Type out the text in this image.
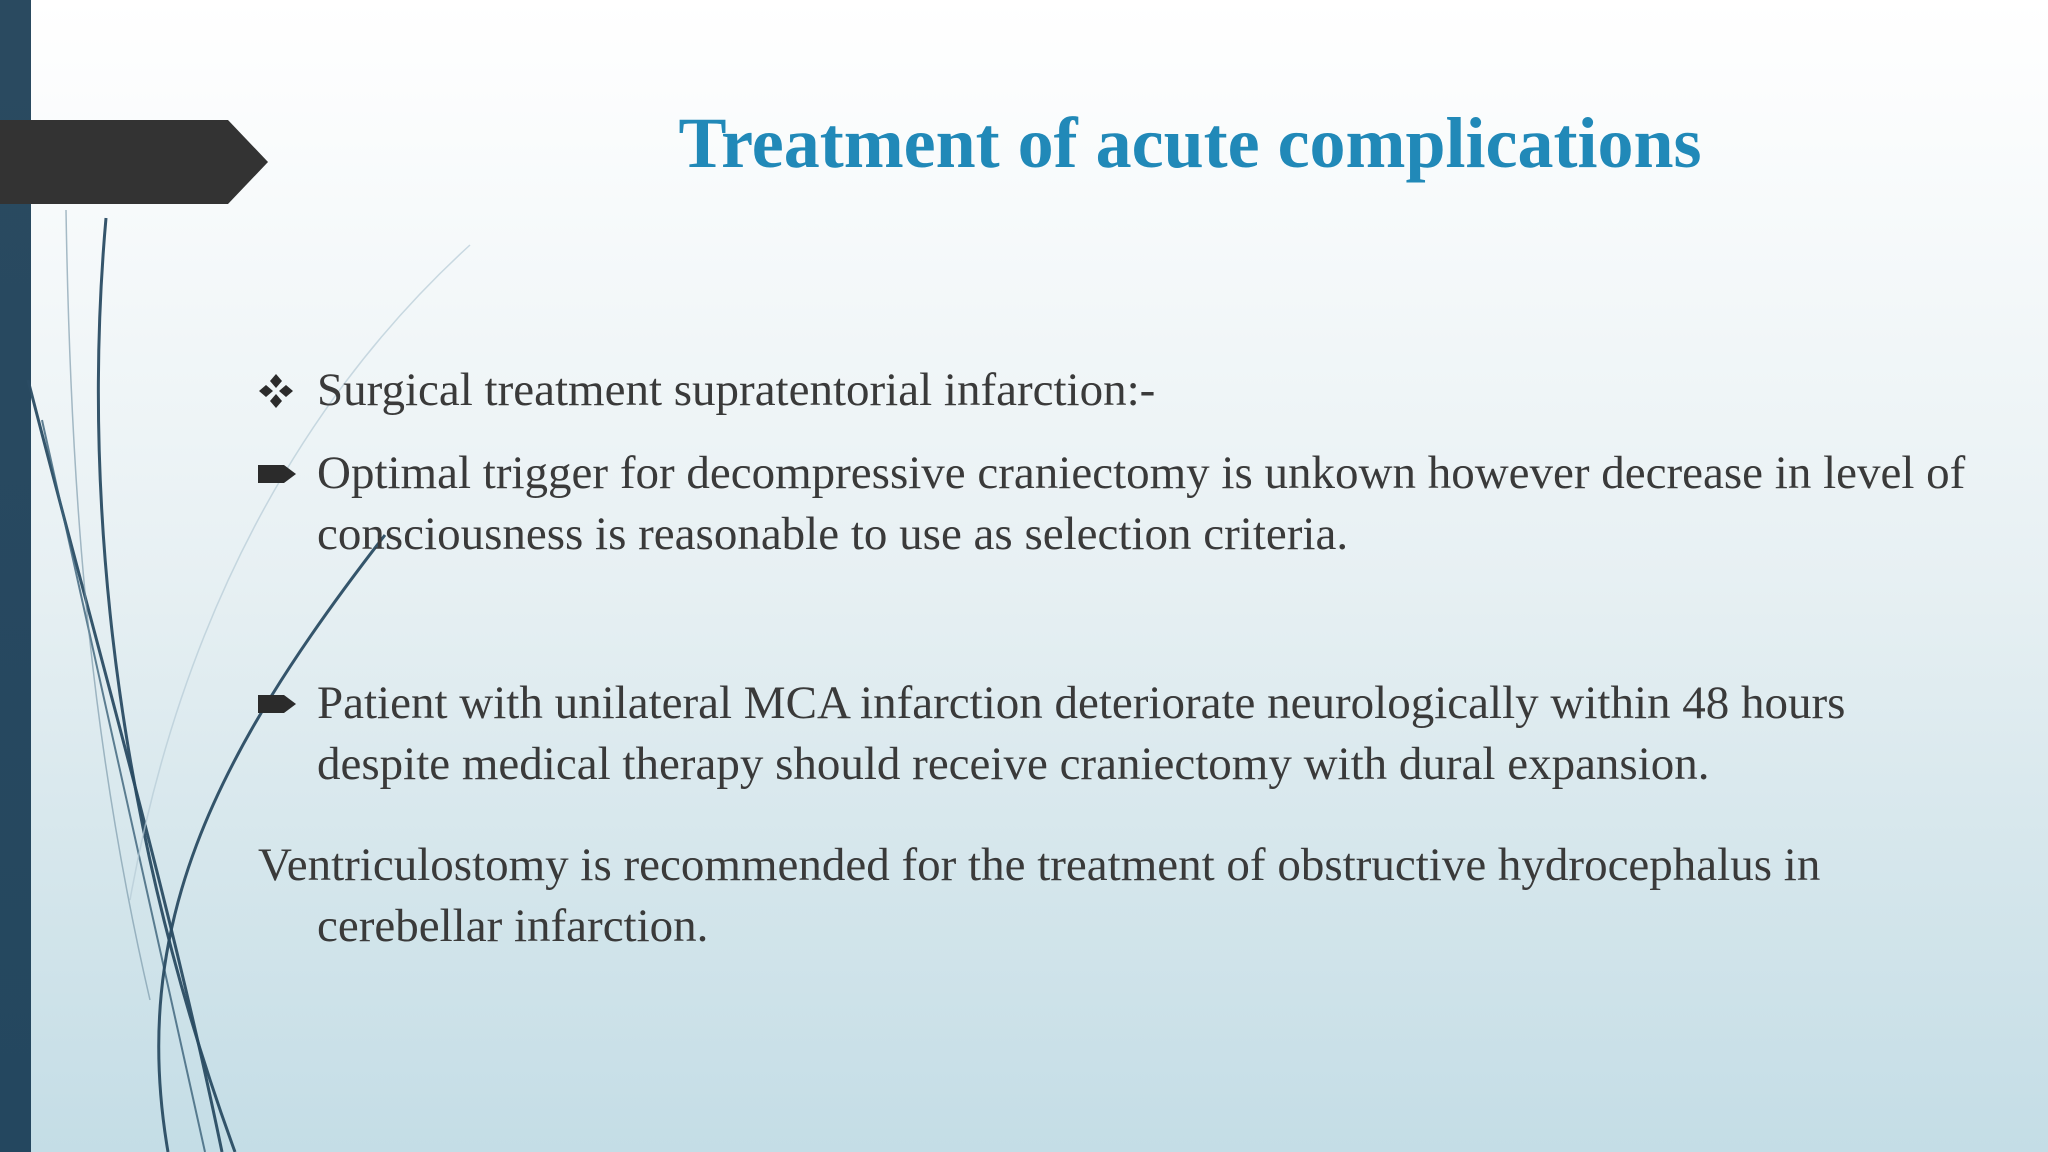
Treatment of acute complications
Surgical treatment supratentorial infarction:-
Optimal trigger for decompressive craniectomy is unkown however decrease in level of consciousness is reasonable to use as selection criteria.
Patient with unilateral MCA infarction deteriorate neurologically within 48 hours despite medical therapy should receive craniectomy with dural expansion.
Ventriculostomy is recommended for the treatment of obstructive hydrocephalus in cerebellar infarction.
